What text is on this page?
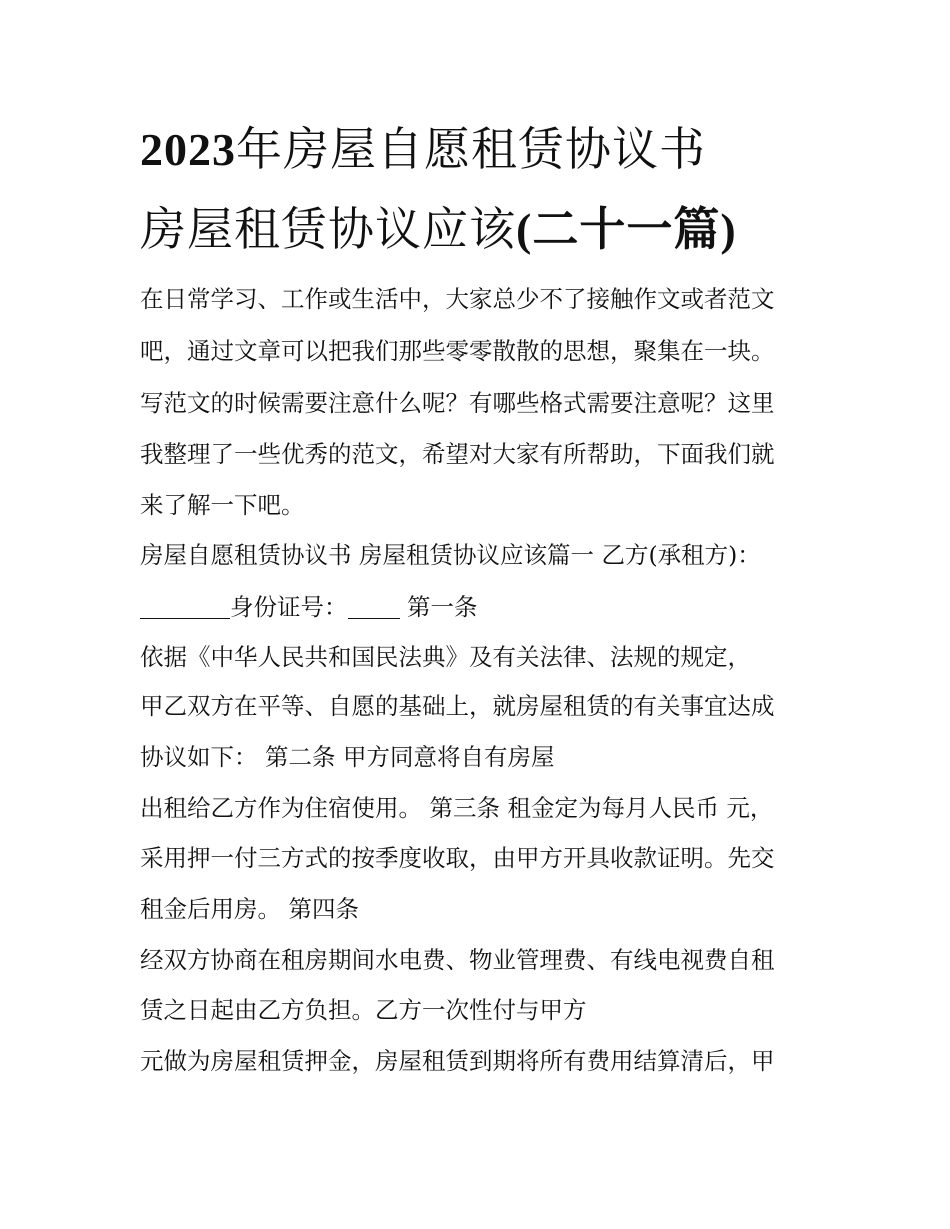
2023年房屋自愿租赁协议书
房屋租赁协议应该(二十一篇)
在日常学习、工作或生活中，大家总少不了接触作文或者范文
吧，通过文章可以把我们那些零零散散的思想，聚集在一块。
写范文的时候需要注意什么呢？有哪些格式需要注意呢？这里
我整理了一些优秀的范文，希望对大家有所帮助，下面我们就
来了解一下吧。
房屋自愿租赁协议书 房屋租赁协议应该篇一 乙方(承租方)：
身份证号：	第一条
依据《中华人民共和国民法典》及有关法律、法规的规定，
甲乙双方在平等、自愿的基础上，就房屋租赁的有关事宜达成
协议如下： 第二条 甲方同意将自有房屋
出租给乙方作为住宿使用。 第三条 租金定为每月人民币 元，
采用押一付三方式的按季度收取，由甲方开具收款证明。先交
租金后用房。 第四条
经双方协商在租房期间水电费、物业管理费、有线电视费自租
赁之日起由乙方负担。乙方一次性付与甲方
元做为房屋租赁押金，房屋租赁到期将所有费用结算清后，甲
